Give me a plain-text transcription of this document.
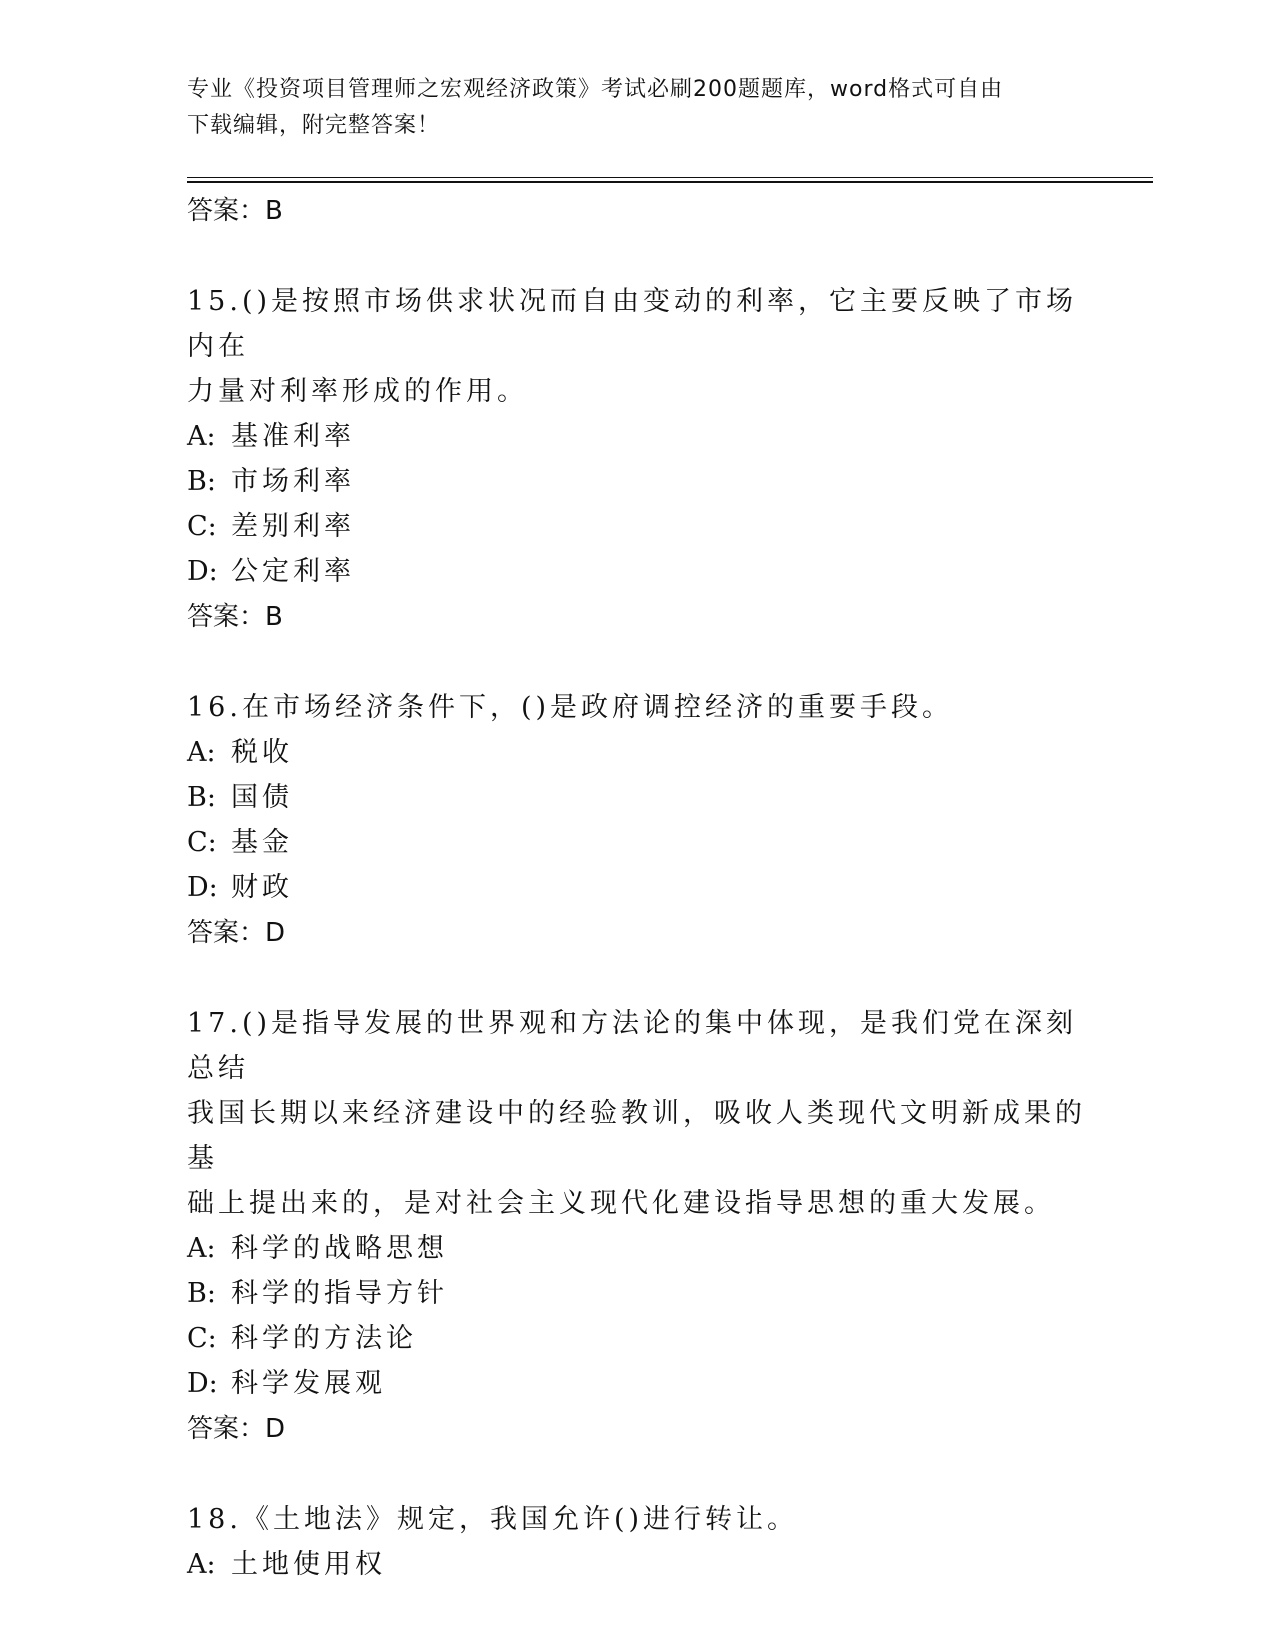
专业《投资项目管理师之宏观经济政策》考试必刷200题题库，word格式可自由
下载编辑，附完整答案！
答案：B

15.()是按照市场供求状况而自由变动的利率，它主要反映了市场内在

力量对利率形成的作用。

A: 基准利率

B: 市场利率

C: 差别利率

D: 公定利率

答案：B

16.在市场经济条件下，()是政府调控经济的重要手段。

A: 税收

B: 国债

C: 基金

D: 财政

答案：D

17.()是指导发展的世界观和方法论的集中体现，是我们党在深刻总结

我国长期以来经济建设中的经验教训，吸收人类现代文明新成果的基

础上提出来的，是对社会主义现代化建设指导思想的重大发展。

A: 科学的战略思想

B: 科学的指导方针

C: 科学的方法论

D: 科学发展观

答案：D

18.《土地法》规定，我国允许()进行转让。

A: 土地使用权
